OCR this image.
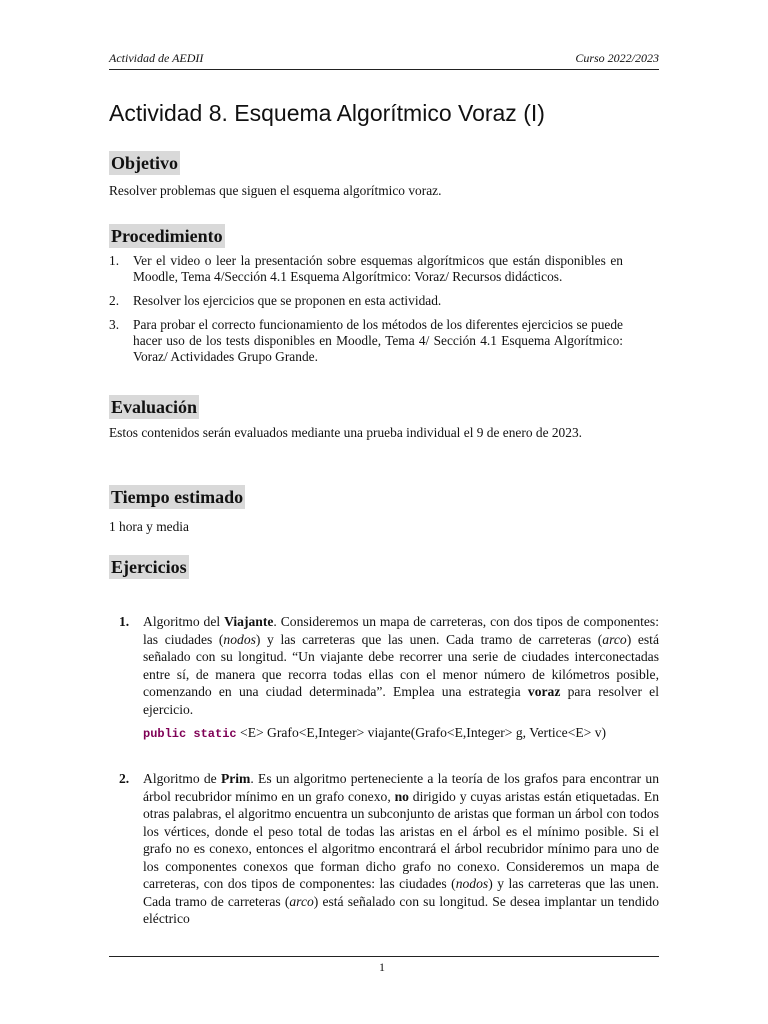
Actividad de AEDII	Curso 2022/2023
Actividad 8. Esquema Algorítmico Voraz (I)
Objetivo

Resolver problemas que siguen el esquema algorítmico voraz.

Procedimiento
1. Ver el video o leer la presentación sobre esquemas algorítmicos que están disponibles en Moodle, Tema 4/Sección 4.1 Esquema Algorítmico: Voraz/ Recursos didácticos.
2. Resolver los ejercicios que se proponen en esta actividad.
3. Para probar el correcto funcionamiento de los métodos de los diferentes ejercicios se puede hacer uso de los tests disponibles en Moodle, Tema 4/ Sección 4.1 Esquema Algorítmico: Voraz/ Actividades Grupo Grande.
Evaluación

Estos contenidos serán evaluados mediante una prueba individual el 9 de enero de 2023.

Tiempo estimado

1 hora y media

Ejercicios
1. Algoritmo del Viajante. Consideremos un mapa de carreteras, con dos tipos de componentes: las ciudades (nodos) y las carreteras que las unen. Cada tramo de carreteras (arco) está señalado con su longitud. “Un viajante debe recorrer una serie de ciudades interconectadas entre sí, de manera que recorra todas ellas con el menor número de kilómetros posible, comenzando en una ciudad determinada”. Emplea una estrategia voraz para resolver el ejercicio.
public static <E> Grafo<E,Integer> viajante(Grafo<E,Integer> g, Vertice<E> v)
2. Algoritmo de Prim. Es un algoritmo perteneciente a la teoría de los grafos para encontrar un árbol recubridor mínimo en un grafo conexo, no dirigido y cuyas aristas están etiquetadas. En otras palabras, el algoritmo encuentra un subconjunto de aristas que forman un árbol con todos los vértices, donde el peso total de todas las aristas en el árbol es el mínimo posible. Si el grafo no es conexo, entonces el algoritmo encontrará el árbol recubridor mínimo para uno de los componentes conexos que forman dicho grafo no conexo. Consideremos un mapa de carreteras, con dos tipos de componentes: las ciudades (nodos) y las carreteras que las unen. Cada tramo de carreteras (arco) está señalado con su longitud. Se desea implantar un tendido eléctrico
1
